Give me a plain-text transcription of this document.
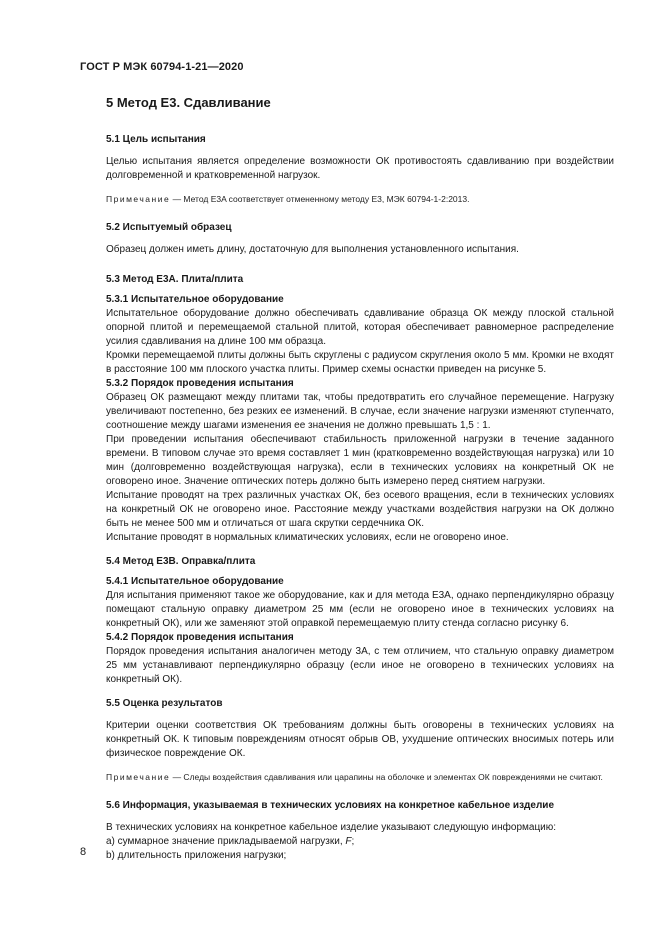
ГОСТ Р МЭК 60794-1-21—2020
5 Метод E3. Сдавливание
5.1 Цель испытания

Целью испытания является определение возможности ОК противостоять сдавливанию при воздействии долговременной и кратковременной нагрузок.

Примечание — Метод E3A соответствует отмененному методу E3, МЭК 60794-1-2:2013.

5.2 Испытуемый образец

Образец должен иметь длину, достаточную для выполнения установленного испытания.

5.3 Метод E3A. Плита/плита
5.3.1 Испытательное оборудование

Испытательное оборудование должно обеспечивать сдавливание образца ОК между плоской стальной опорной плитой и перемещаемой стальной плитой, которая обеспечивает равномерное распределение усилия сдавливания на длине 100 мм образца.

Кромки перемещаемой плиты должны быть скруглены с радиусом скругления около 5 мм. Кромки не входят в расстояние 100 мм плоского участка плиты. Пример схемы оснастки приведен на рисунке 5.

5.3.2 Порядок проведения испытания

Образец ОК размещают между плитами так, чтобы предотвратить его случайное перемещение. Нагрузку увеличивают постепенно, без резких ее изменений. В случае, если значение нагрузки изменяют ступенчато, соотношение между шагами изменения ее значения не должно превышать 1,5 : 1.

При проведении испытания обеспечивают стабильность приложенной нагрузки в течение заданного времени. В типовом случае это время составляет 1 мин (кратковременно воздействующая нагрузка) или 10 мин (долговременно воздействующая нагрузка), если в технических условиях на конкретный ОК не оговорено иное. Значение оптических потерь должно быть измерено перед снятием нагрузки.

Испытание проводят на трех различных участках ОК, без осевого вращения, если в технических условиях на конкретный ОК не оговорено иное. Расстояние между участками воздействия нагрузки на ОК должно быть не менее 500 мм и отличаться от шага скрутки сердечника ОК.

Испытание проводят в нормальных климатических условиях, если не оговорено иное.

5.4 Метод E3B. Оправка/плита
5.4.1 Испытательное оборудование

Для испытания применяют такое же оборудование, как и для метода E3A, однако перпендикулярно образцу помещают стальную оправку диаметром 25 мм (если не оговорено иное в технических условиях на конкретный ОК), или же заменяют этой оправкой перемещаемую плиту стенда согласно рисунку 6.

5.4.2 Порядок проведения испытания

Порядок проведения испытания аналогичен методу 3A, с тем отличием, что стальную оправку диаметром 25 мм устанавливают перпендикулярно образцу (если иное не оговорено в технических условиях на конкретный ОК).

5.5 Оценка результатов

Критерии оценки соответствия ОК требованиям должны быть оговорены в технических условиях на конкретный ОК. К типовым повреждениям относят обрыв ОВ, ухудшение оптических вносимых потерь или физическое повреждение ОК.

Примечание — Следы воздействия сдавливания или царапины на оболочке и элементах ОК повреждениями не считают.

5.6 Информация, указываемая в технических условиях на конкретное кабельное изделие

В технических условиях на конкретное кабельное изделие указывают следующую информацию:

a) суммарное значение прикладываемой нагрузки, F;

b) длительность приложения нагрузки;

8
